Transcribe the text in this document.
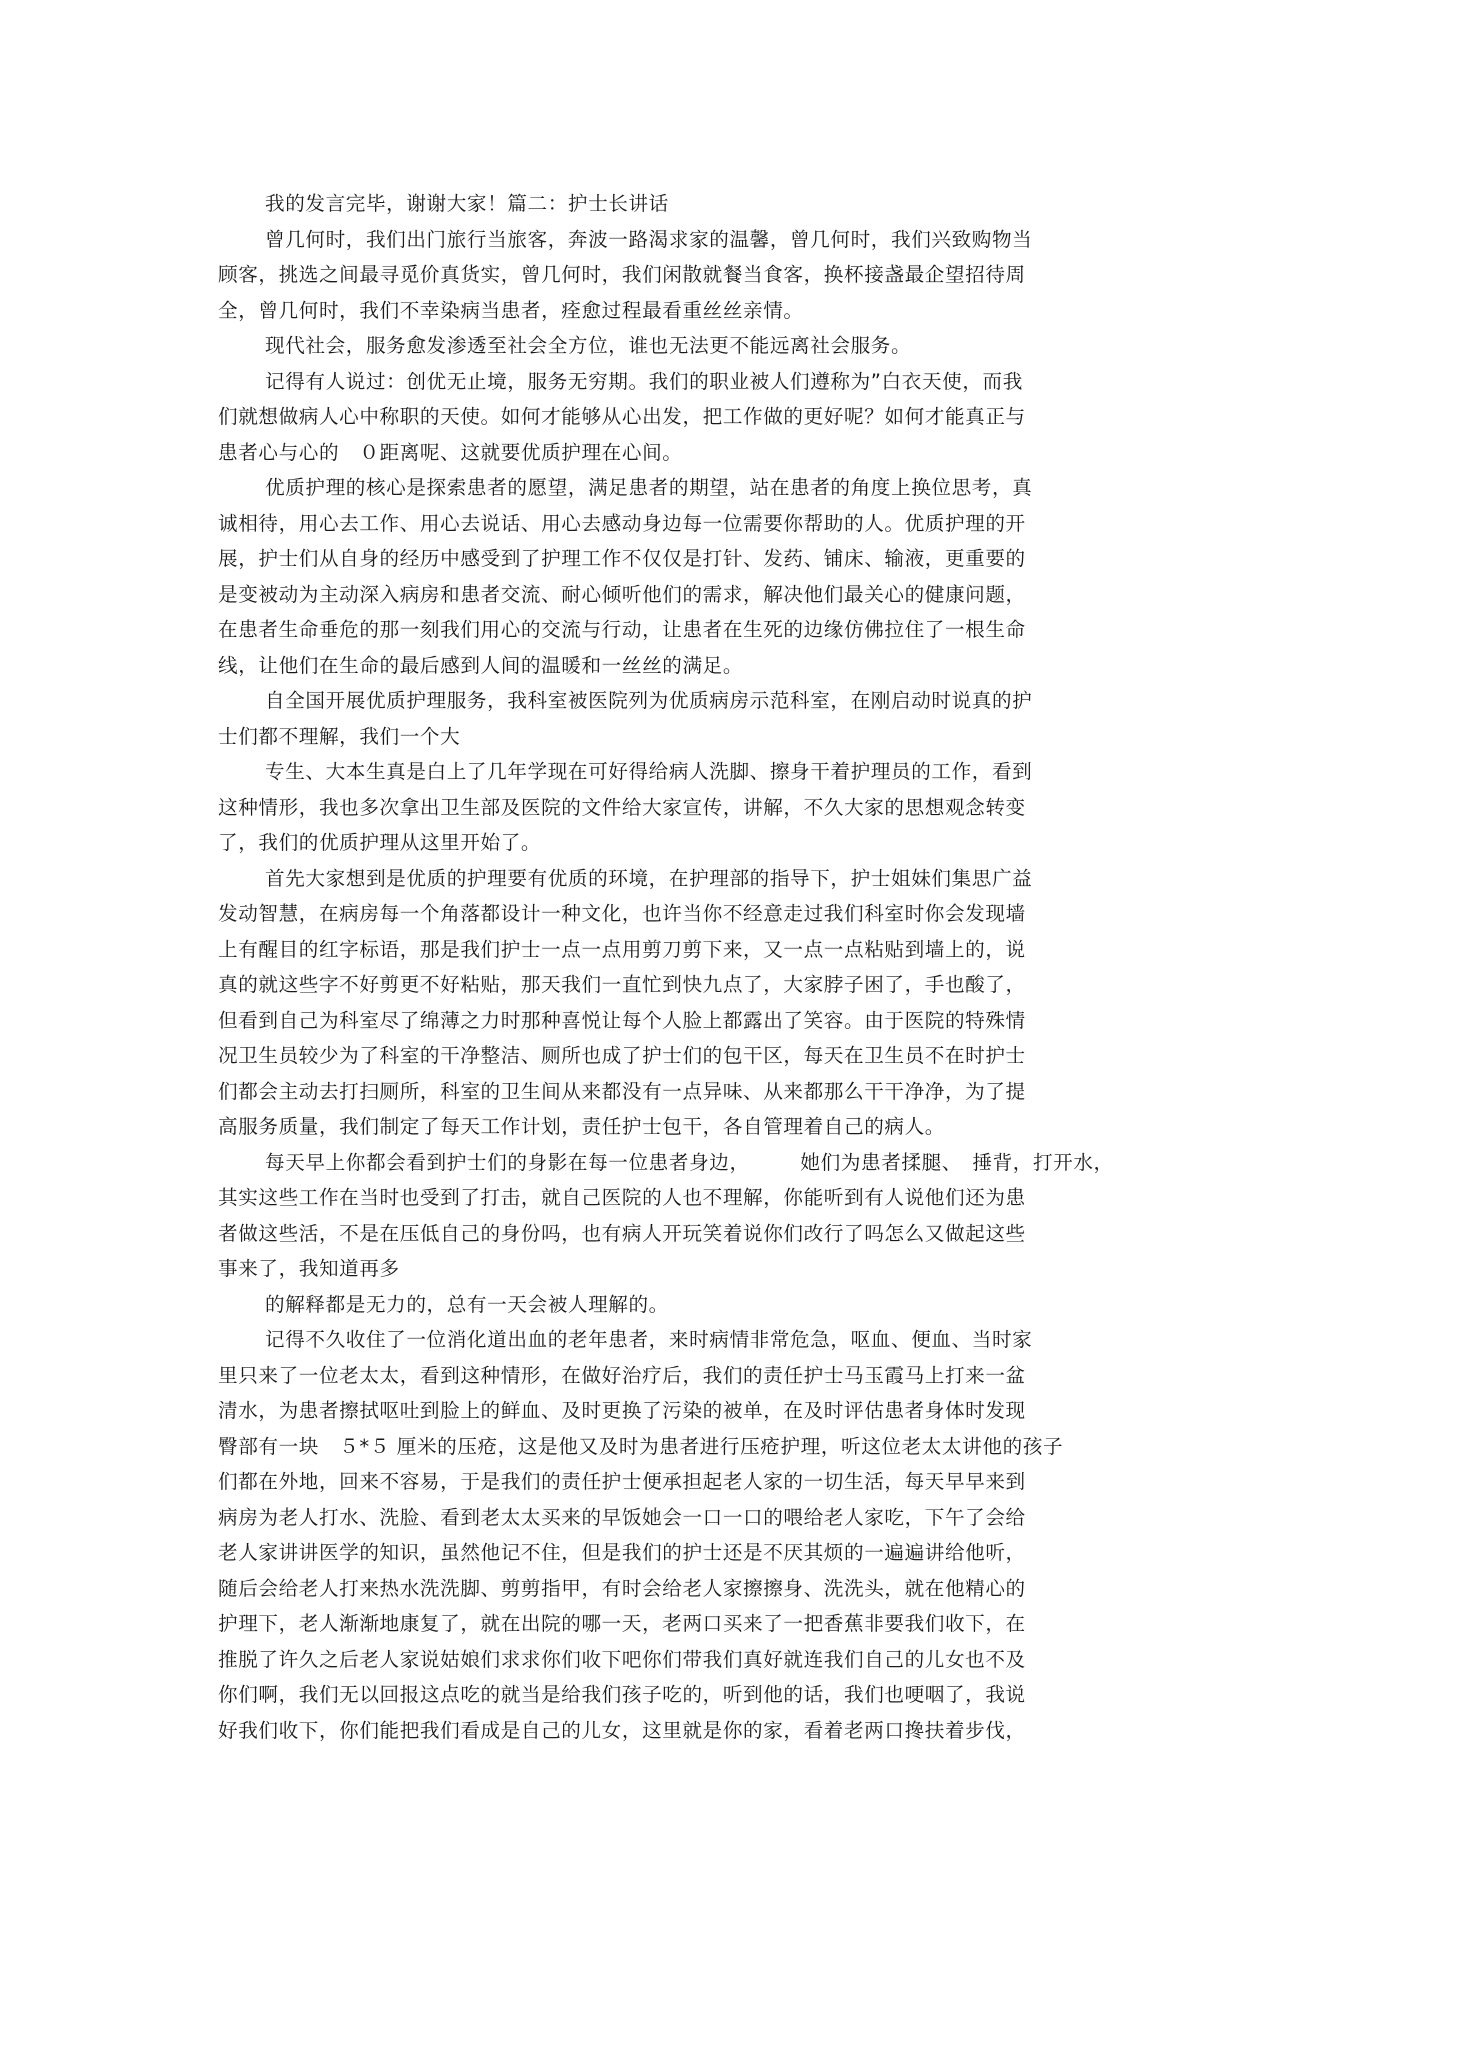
我的发言完毕，谢谢大家！篇二：护士长讲话
曾几何时，我们出门旅行当旅客，奔波一路渴求家的温馨，曾几何时，我们兴致购物当
顾客，挑选之间最寻觅价真货实，曾几何时，我们闲散就餐当食客，换杯接盏最企望招待周
全，曾几何时，我们不幸染病当患者，痊愈过程最看重丝丝亲情。
现代社会，服务愈发渗透至社会全方位，谁也无法更不能远离社会服务。
记得有人说过：创优无止境，服务无穷期。我们的职业被人们遵称为”白衣天使，而我
们就想做病人心中称职的天使。如何才能够从心出发，把工作做的更好呢？如何才能真正与
患者心与心的　０距离呢、这就要优质护理在心间。
优质护理的核心是探索患者的愿望，满足患者的期望，站在患者的角度上换位思考，真
诚相待，用心去工作、用心去说话、用心去感动身边每一位需要你帮助的人。优质护理的开
展，护士们从自身的经历中感受到了护理工作不仅仅是打针、发药、铺床、输液，更重要的
是变被动为主动深入病房和患者交流、耐心倾听他们的需求，解决他们最关心的健康问题，
在患者生命垂危的那一刻我们用心的交流与行动，让患者在生死的边缘仿佛拉住了一根生命
线，让他们在生命的最后感到人间的温暖和一丝丝的满足。
自全国开展优质护理服务，我科室被医院列为优质病房示范科室，在刚启动时说真的护
士们都不理解，我们一个大
专生、大本生真是白上了几年学现在可好得给病人洗脚、擦身干着护理员的工作，看到
这种情形，我也多次拿出卫生部及医院的文件给大家宣传，讲解，不久大家的思想观念转变
了，我们的优质护理从这里开始了。
首先大家想到是优质的护理要有优质的环境，在护理部的指导下，护士姐妹们集思广益
发动智慧，在病房每一个角落都设计一种文化，也许当你不经意走过我们科室时你会发现墙
上有醒目的红字标语，那是我们护士一点一点用剪刀剪下来，又一点一点粘贴到墙上的，说
真的就这些字不好剪更不好粘贴，那天我们一直忙到快九点了，大家脖子困了，手也酸了，
但看到自己为科室尽了绵薄之力时那种喜悦让每个人脸上都露出了笑容。由于医院的特殊情
况卫生员较少为了科室的干净整洁、厕所也成了护士们的包干区，每天在卫生员不在时护士
们都会主动去打扫厕所，科室的卫生间从来都没有一点异味、从来都那么干干净净，为了提
高服务质量，我们制定了每天工作计划，责任护士包干，各自管理着自己的病人。
每天早上你都会看到护士们的身影在每一位患者身边，　　　她们为患者揉腿、　捶背，打开水，
其实这些工作在当时也受到了打击，就自己医院的人也不理解，你能听到有人说他们还为患
者做这些活，不是在压低自己的身份吗，也有病人开玩笑着说你们改行了吗怎么又做起这些
事来了，我知道再多
的解释都是无力的，总有一天会被人理解的。
记得不久收住了一位消化道出血的老年患者，来时病情非常危急，呕血、便血、当时家
里只来了一位老太太，看到这种情形，在做好治疗后，我们的责任护士马玉霞马上打来一盆
清水，为患者擦拭呕吐到脸上的鲜血、及时更换了污染的被单，在及时评估患者身体时发现
臀部有一块　５*５ 厘米的压疮，这是他又及时为患者进行压疮护理，听这位老太太讲他的孩子
们都在外地，回来不容易，于是我们的责任护士便承担起老人家的一切生活，每天早早来到
病房为老人打水、洗脸、看到老太太买来的早饭她会一口一口的喂给老人家吃，下午了会给
老人家讲讲医学的知识，虽然他记不住，但是我们的护士还是不厌其烦的一遍遍讲给他听，
随后会给老人打来热水洗洗脚、剪剪指甲，有时会给老人家擦擦身、洗洗头，就在他精心的
护理下，老人渐渐地康复了，就在出院的哪一天，老两口买来了一把香蕉非要我们收下，在
推脱了许久之后老人家说姑娘们求求你们收下吧你们带我们真好就连我们自己的儿女也不及
你们啊，我们无以回报这点吃的就当是给我们孩子吃的，听到他的话，我们也哽咽了，我说
好我们收下，你们能把我们看成是自己的儿女，这里就是你的家，看着老两口搀扶着步伐，
